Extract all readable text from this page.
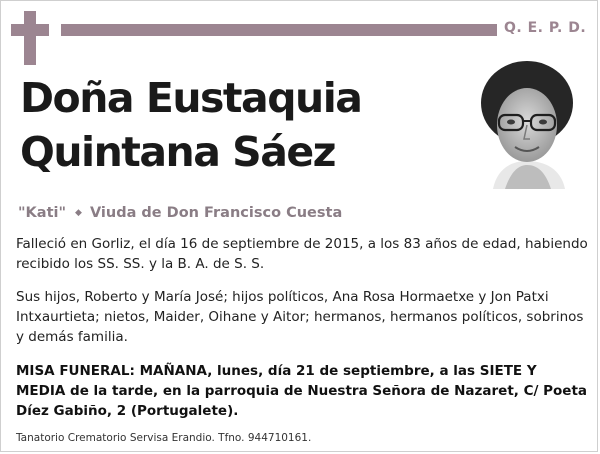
Q. E. P. D.
Doña Eustaquia
Quintana Sáez
"Kati" ◆ Viuda de Don Francisco Cuesta
Falleció en Gorliz, el día 16 de septiembre de 2015, a los 83 años de edad, habiendo recibido los SS. SS. y la B. A. de S. S.
Sus hijos, Roberto y María José; hijos políticos, Ana Rosa Hormaetxe y Jon Patxi Intxaurtieta; nietos, Maider, Oihane y Aitor; hermanos, hermanos políticos, sobrinos y demás familia.
MISA FUNERAL: MAÑANA, lunes, día 21 de septiembre, a las SIETE Y MEDIA de la tarde, en la parroquia de Nuestra Señora de Nazaret, C/ Poeta Díez Gabiño, 2 (Portugalete).
Tanatorio Crematorio Servisa Erandio. Tfno. 944710161.
